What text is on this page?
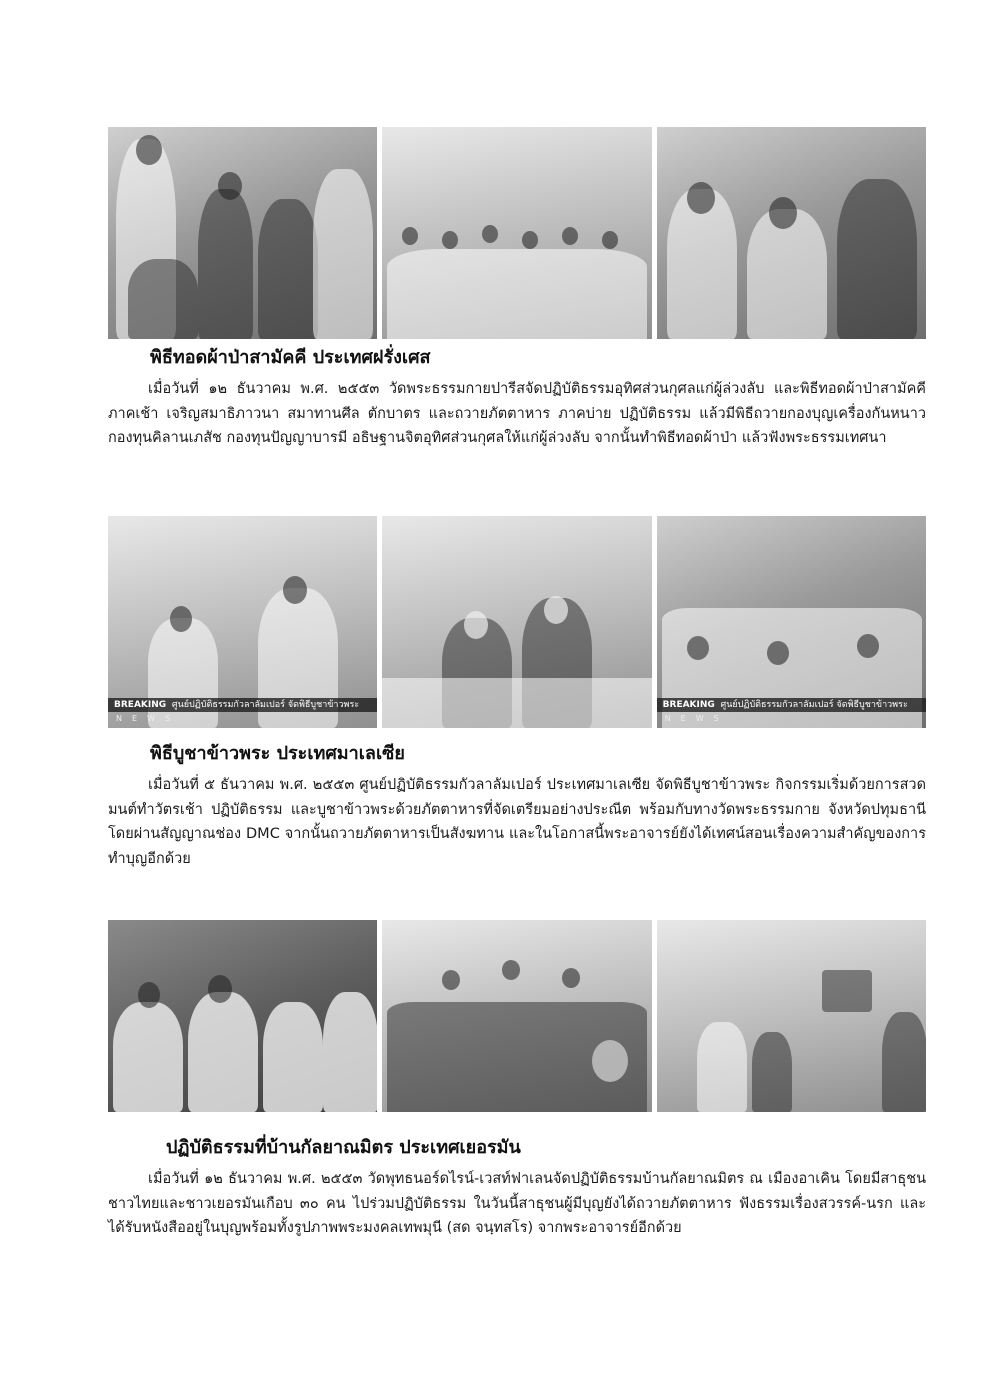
พิธีทอดผ้าป่าสามัคคี ประเทศฝรั่งเศส

เมื่อวันที่ ๑๒ ธันวาคม พ.ศ. ๒๕๕๓ วัดพระธรรมกายปารีสจัดปฏิบัติธรรมอุทิศส่วนกุศลแก่ผู้ล่วงลับ และพิธีทอดผ้าป่าสามัคคี ภาคเช้า เจริญสมาธิภาวนา สมาทานศีล ตักบาตร และถวายภัตตาหาร ภาคบ่าย ปฏิบัติธรรม แล้วมีพิธีถวายกองบุญเครื่องกันหนาว กองทุนคิลานเภสัช กองทุนปัญญาบารมี อธิษฐานจิตอุทิศส่วนกุศลให้แก่ผู้ล่วงลับ จากนั้นทำพิธีทอดผ้าป่า แล้วฟังพระธรรมเทศนา

BREAKING ศูนย์ปฏิบัติธรรมกัวลาลัมเปอร์ จัดพิธีบูชาข้าวพระ
NEWS
BREAKING ศูนย์ปฏิบัติธรรมกัวลาลัมเปอร์ จัดพิธีบูชาข้าวพระ
NEWS
พิธีบูชาข้าวพระ ประเทศมาเลเซีย

เมื่อวันที่ ๕ ธันวาคม พ.ศ. ๒๕๕๓ ศูนย์ปฏิบัติธรรมกัวลาลัมเปอร์ ประเทศมาเลเซีย จัดพิธีบูชาข้าวพระ กิจกรรมเริ่มด้วยการสวดมนต์ทำวัตรเช้า ปฏิบัติธรรม และบูชาข้าวพระด้วยภัตตาหารที่จัดเตรียมอย่างประณีต พร้อมกับทางวัดพระธรรมกาย จังหวัดปทุมธานี โดยผ่านสัญญาณช่อง DMC จากนั้นถวายภัตตาหารเป็นสังฆทาน และในโอกาสนี้พระอาจารย์ยังได้เทศน์สอนเรื่องความสำคัญของการทำบุญอีกด้วย

ปฏิบัติธรรมที่บ้านกัลยาณมิตร ประเทศเยอรมัน

เมื่อวันที่ ๑๒ ธันวาคม พ.ศ. ๒๕๕๓ วัดพุทธนอร์ดไรน์-เวสท์ฟาเลนจัดปฏิบัติธรรมบ้านกัลยาณมิตร ณ เมืองอาเคิน โดยมีสาธุชนชาวไทยและชาวเยอรมันเกือบ ๓๐ คน ไปร่วมปฏิบัติธรรม ในวันนี้สาธุชนผู้มีบุญยังได้ถวายภัตตาหาร ฟังธรรมเรื่องสวรรค์-นรก และได้รับหนังสืออยู่ในบุญพร้อมทั้งรูปภาพพระมงคลเทพมุนี (สด จนฺทสโร) จากพระอาจารย์อีกด้วย
